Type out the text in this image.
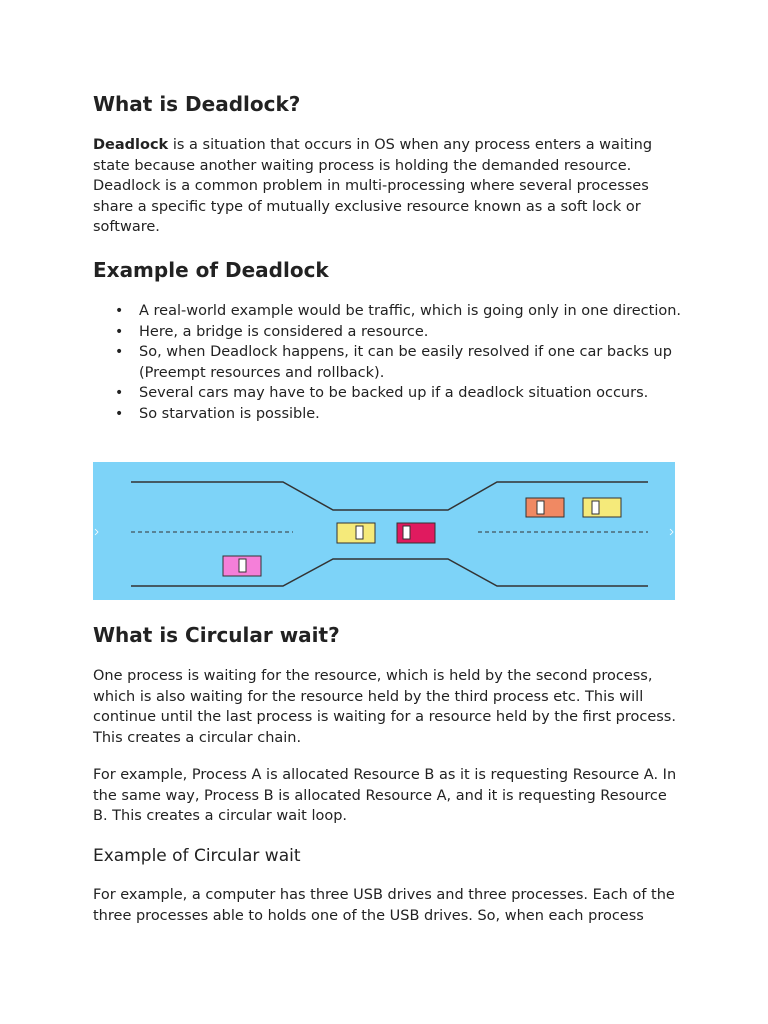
What is Deadlock?

Deadlock is a situation that occurs in OS when any process enters a waiting state because another waiting process is holding the demanded resource. Deadlock is a common problem in multi-processing where several processes share a specific type of mutually exclusive resource known as a soft lock or software.

Example of Deadlock
• A real-world example would be traffic, which is going only in one direction.
• Here, a bridge is considered a resource.
• So, when Deadlock happens, it can be easily resolved if one car backs up (Preempt resources and rollback).
• Several cars may have to be backed up if a deadlock situation occurs.
• So starvation is possible.
What is Circular wait?

One process is waiting for the resource, which is held by the second process, which is also waiting for the resource held by the third process etc. This will continue until the last process is waiting for a resource held by the first process. This creates a circular chain.

For example, Process A is allocated Resource B as it is requesting Resource A. In the same way, Process B is allocated Resource A, and it is requesting Resource B. This creates a circular wait loop.

Example of Circular wait

For example, a computer has three USB drives and three processes. Each of the three processes able to holds one of the USB drives. So, when each process
